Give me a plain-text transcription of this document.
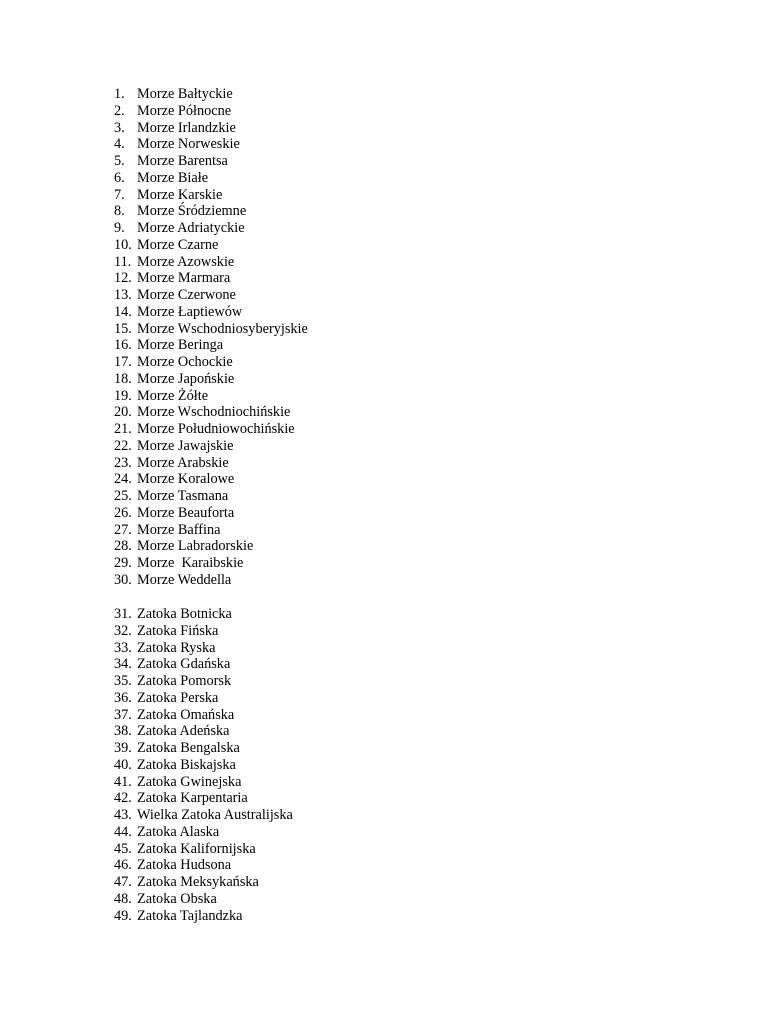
1. Morze Bałtyckie
2. Morze Północne
3. Morze Irlandzkie
4. Morze Norweskie
5. Morze Barentsa
6. Morze Białe
7. Morze Karskie
8. Morze Śródziemne
9. Morze Adriatyckie
10. Morze Czarne
11. Morze Azowskie
12. Morze Marmara
13. Morze Czerwone
14. Morze Łaptiewów
15. Morze Wschodniosyberyjskie
16. Morze Beringa
17. Morze Ochockie
18. Morze Japońskie
19. Morze Żółte
20. Morze Wschodniochińskie
21. Morze Południowochińskie
22. Morze Jawajskie
23. Morze Arabskie
24. Morze Koralowe
25. Morze Tasmana
26. Morze Beauforta
27. Morze Baffina
28. Morze Labradorskie
29. Morze  Karaibskie
30. Morze Weddella
31. Zatoka Botnicka
32. Zatoka Fińska
33. Zatoka Ryska
34. Zatoka Gdańska
35. Zatoka Pomorsk
36. Zatoka Perska
37. Zatoka Omańska
38. Zatoka Adeńska
39. Zatoka Bengalska
40. Zatoka Biskajska
41. Zatoka Gwinejska
42. Zatoka Karpentaria
43. Wielka Zatoka Australijska
44. Zatoka Alaska
45. Zatoka Kalifornijska
46. Zatoka Hudsona
47. Zatoka Meksykańska
48. Zatoka Obska
49. Zatoka Tajlandzka
